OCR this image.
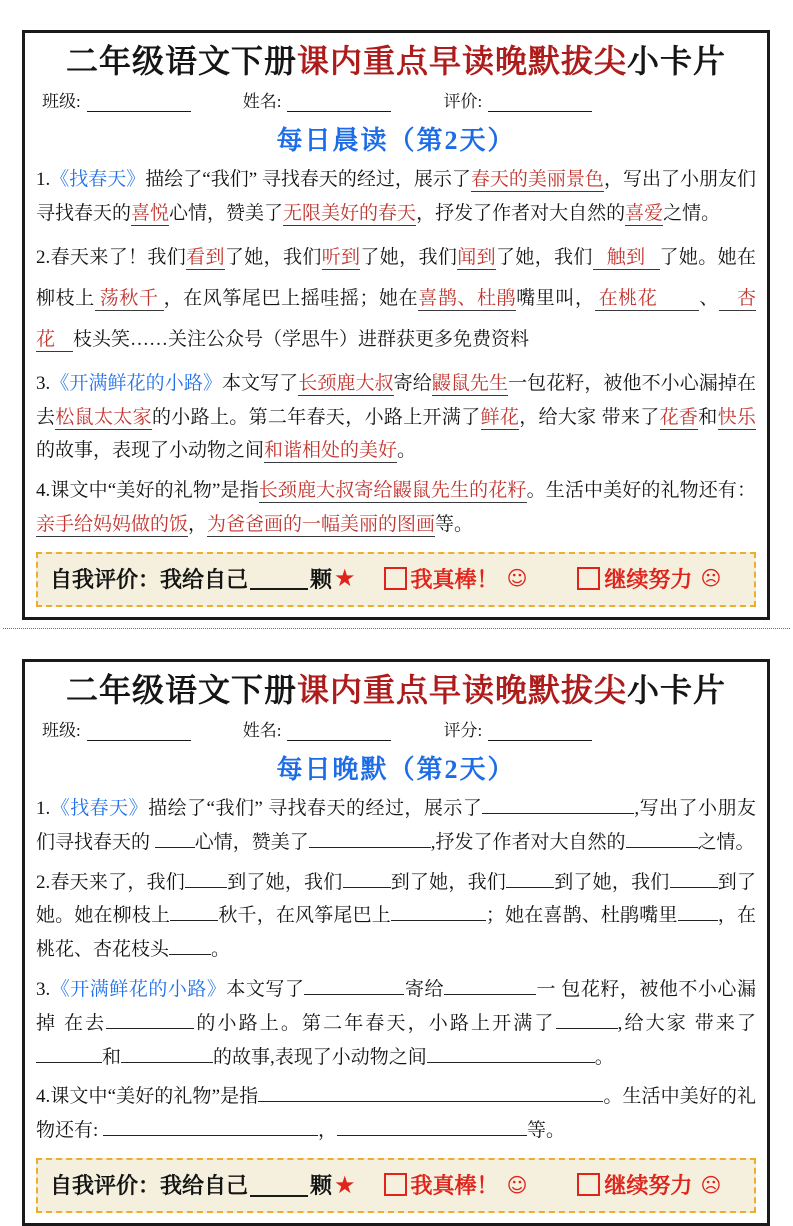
二年级语文下册课内重点早读晚默拔尖小卡片
班级:	姓名:	评价:
每日晨读（第2天）

1.《找春天》描绘了“我们” 寻找春天的经过，展示了春天的美丽景色，写出了小朋友们寻找春天的喜悦心情，赞美了无限美好的春天，抒发了作者对大自然的喜爱之情。

2.春天来了！我们看到了她，我们听到了她，我们闻到了她，我们 触到 了她。她在柳枝上 荡秋千 ，在风筝尾巴上摇哇摇；她在喜鹊、杜鹃嘴里叫， 在桃花 、 杏花 枝头笑……关注公众号（学思牛）进群获更多免费资料

3.《开满鲜花的小路》本文写了长颈鹿大叔寄给鼹鼠先生一包花籽，被他不小心漏掉在去松鼠太太家的小路上。第二年春天，小路上开满了鲜花，给大家 带来了花香和快乐的故事，表现了小动物之间和谐相处的美好。

4.课文中“美好的礼物”是指长颈鹿大叔寄给鼹鼠先生的花籽。生活中美好的礼物还有：亲手给妈妈做的饭，为爸爸画的一幅美丽的图画等。

自我评价：我给自己	颗 ★	我真棒！ ☺	继续努力 ☹
二年级语文下册课内重点早读晚默拔尖小卡片
班级:	姓名:	评分:
每日晚默（第2天）

1.《找春天》描绘了“我们” 寻找春天的经过，展示了	,写出了小朋友们寻找春天的 心情，赞美了	,抒发了作者对大自然的	之情。

2.春天来了，我们 到了她，我们	到了她，我们	到了她，我们	到了她。她在柳枝上	秋千，在风筝尾巴上	；她在喜鹊、杜鹃嘴里 ，在桃花、杏花枝头 。

3.《开满鲜花的小路》本文写了	寄给	一 包花籽，被他不小心漏掉 在去	的小路上。第二年春天，小路上开满了	,给大家 带来了和	的故事,表现了小动物之间	。

4.课文中“美好的礼物”是指	。生活中美好的礼物还有:	，	等。

自我评价：我给自己	颗 ★	我真棒！ ☺	继续努力 ☹
